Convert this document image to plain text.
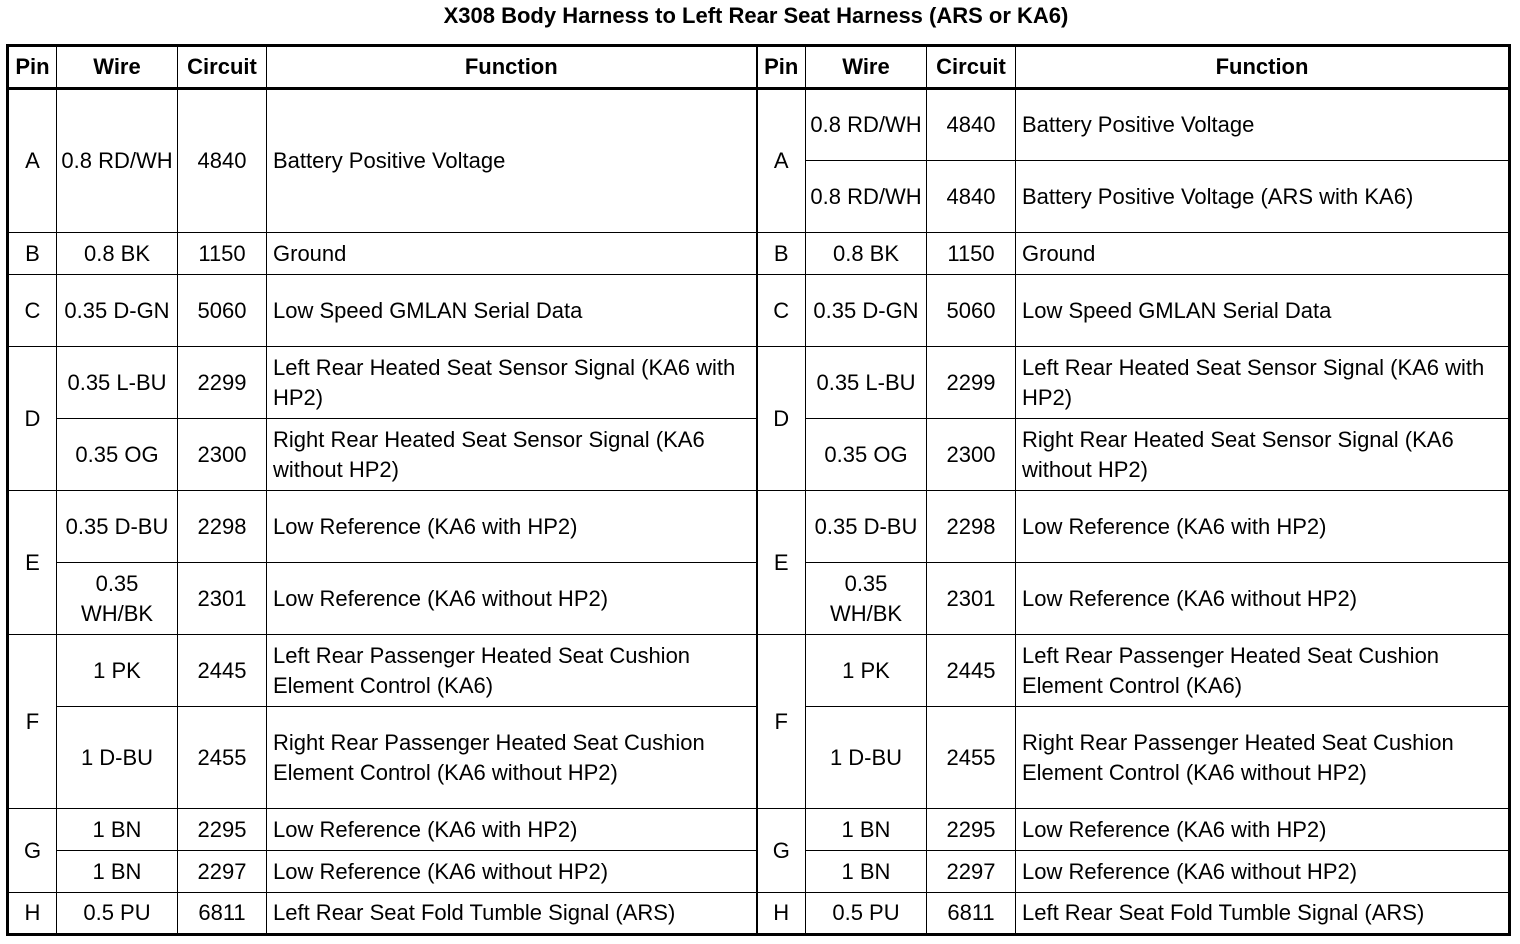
X308 Body Harness to Left Rear Seat Harness (ARS or KA6)
Pin	Wire	Circuit	Function	Pin	Wire	Circuit	Function
A	0.8 RD/WH	4840	Battery Positive Voltage	A	0.8 RD/WH	4840	Battery Positive Voltage
					0.8 RD/WH	4840	Battery Positive Voltage (ARS with KA6)
B	0.8 BK	1150	Ground	B	0.8 BK	1150	Ground
C	0.35 D-GN	5060	Low Speed GMLAN Serial Data	C	0.35 D-GN	5060	Low Speed GMLAN Serial Data
D	0.35 L-BU	2299	Left Rear Heated Seat Sensor Signal (KA6 with HP2)	D	0.35 L-BU	2299	Left Rear Heated Seat Sensor Signal (KA6 with HP2)
	0.35 OG	2300	Right Rear Heated Seat Sensor Signal (KA6 without HP2)		0.35 OG	2300	Right Rear Heated Seat Sensor Signal (KA6 without HP2)
E	0.35 D-BU	2298	Low Reference (KA6 with HP2)	E	0.35 D-BU	2298	Low Reference (KA6 with HP2)
	0.35 WH/BK	2301	Low Reference (KA6 without HP2)		0.35 WH/BK	2301	Low Reference (KA6 without HP2)
F	1 PK	2445	Left Rear Passenger Heated Seat Cushion Element Control (KA6)	F	1 PK	2445	Left Rear Passenger Heated Seat Cushion Element Control (KA6)
	1 D-BU	2455	Right Rear Passenger Heated Seat Cushion Element Control (KA6 without HP2)		1 D-BU	2455	Right Rear Passenger Heated Seat Cushion Element Control (KA6 without HP2)
G	1 BN	2295	Low Reference (KA6 with HP2)	G	1 BN	2295	Low Reference (KA6 with HP2)
	1 BN	2297	Low Reference (KA6 without HP2)		1 BN	2297	Low Reference (KA6 without HP2)
H	0.5 PU	6811	Left Rear Seat Fold Tumble Signal (ARS)	H	0.5 PU	6811	Left Rear Seat Fold Tumble Signal (ARS)
